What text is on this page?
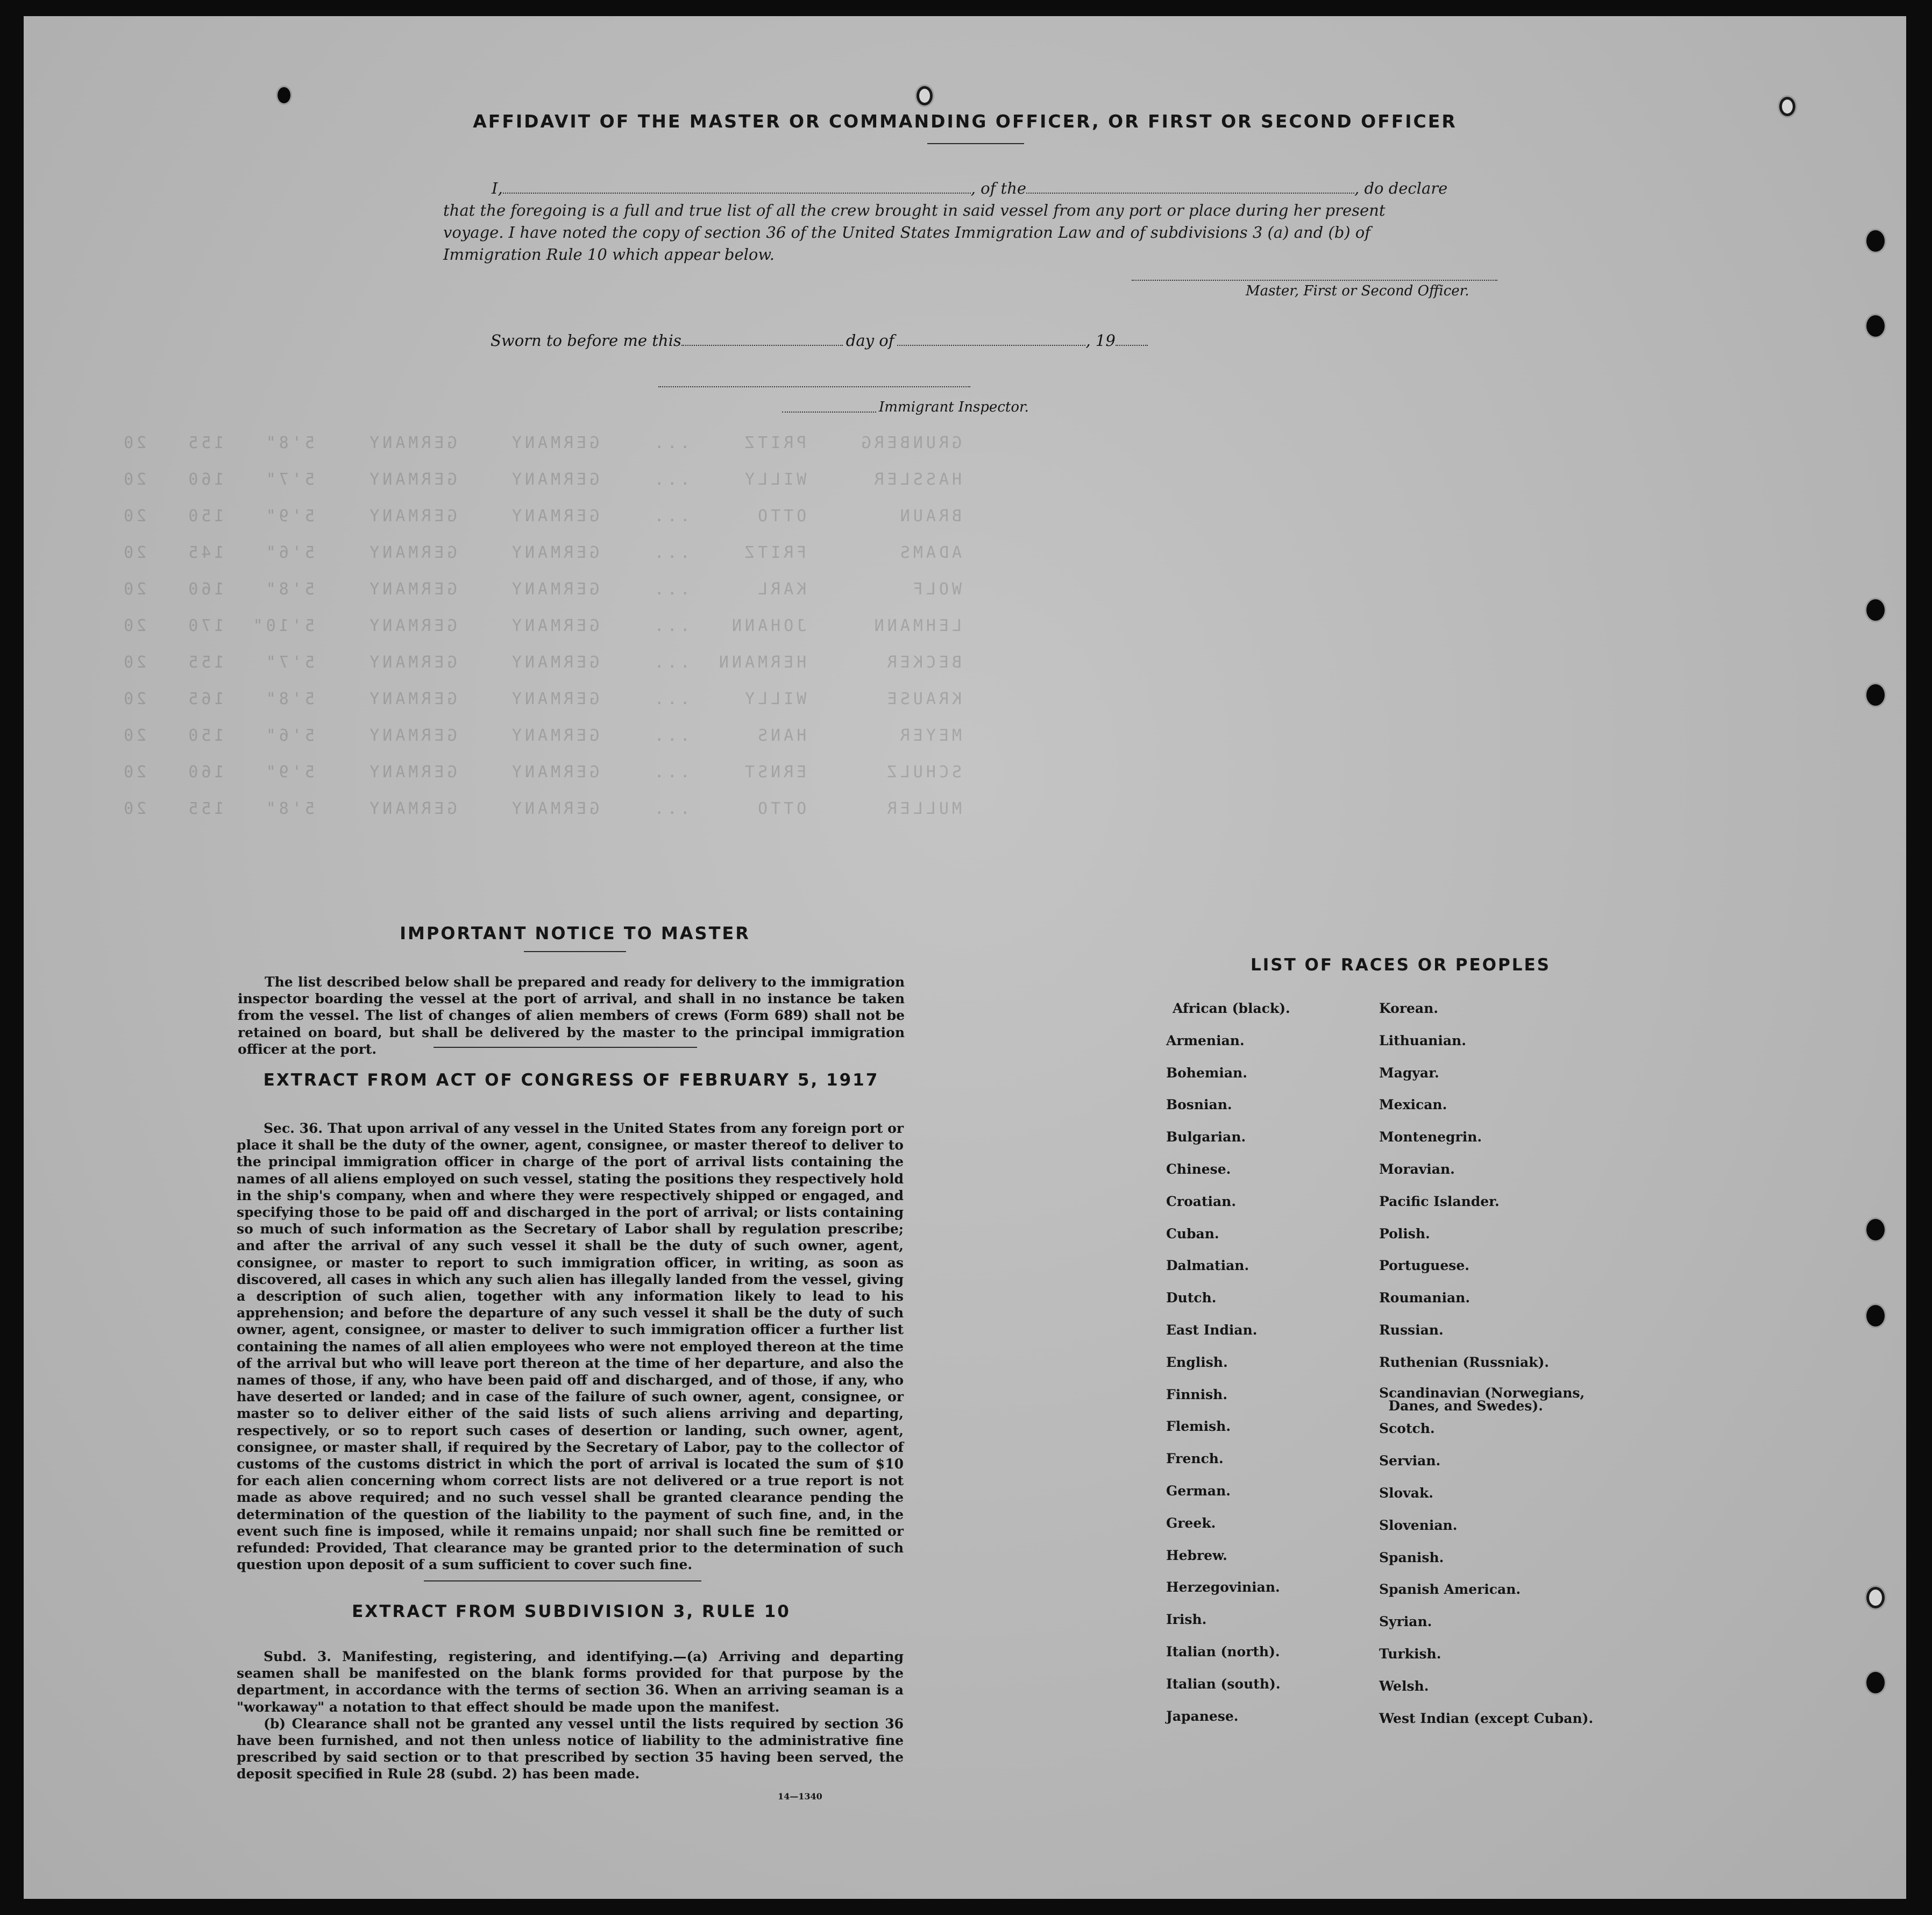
GRUNBERG    PRITZ    ...    GERMANY    GERMANY    5'8"   155   20
HASSLER     WILLY    ...    GERMANY    GERMANY    5'7"   160   20
BRAUN       OTTO     ...    GERMANY    GERMANY    5'9"   150   20
ADAMS       FRITZ    ...    GERMANY    GERMANY    5'6"   145   20
WOLF        KARL     ...    GERMANY    GERMANY    5'8"   160   20
LEHMANN     JOHANN   ...    GERMANY    GERMANY    5'10"  170   20
BECKER      HERMANN  ...    GERMANY    GERMANY    5'7"   155   20
KRAUSE      WILLY    ...    GERMANY    GERMANY    5'8"   165   20
MEYER       HANS     ...    GERMANY    GERMANY    5'6"   150   20
SCHULZ      ERNST    ...    GERMANY    GERMANY    5'9"   160   20
MULLER      OTTO     ...    GERMANY    GERMANY    5'8"   155   20
AFFIDAVIT OF THE MASTER OR COMMANDING OFFICER, OR FIRST OR SECOND OFFICER
I,	, of the	, do declare
that the foregoing is a full and true list of all the crew brought in said vessel from any port or place during her present
voyage. I have noted the copy of section 36 of the United States Immigration Law and of subdivisions 3 (a) and (b) of
Immigration Rule 10 which appear below.
Master, First or Second Officer.
Sworn to before me this	day of	, 19
Immigrant Inspector.
IMPORTANT NOTICE TO MASTER

The list described below shall be prepared and ready for delivery to the immigration inspector boarding the vessel at the port of arrival, and shall in no instance be taken from the vessel. The list of changes of alien members of crews (Form 689) shall not be retained on board, but shall be delivered by the master to the principal immigration officer at the port.

EXTRACT FROM ACT OF CONGRESS OF FEBRUARY 5, 1917

Sec. 36. That upon arrival of any vessel in the United States from any foreign port or place it shall be the duty of the owner, agent, consignee, or master thereof to deliver to the principal immigration officer in charge of the port of arrival lists containing the names of all aliens employed on such vessel, stating the positions they respectively hold in the ship's company, when and where they were respectively shipped or engaged, and specifying those to be paid off and discharged in the port of arrival; or lists containing so much of such information as the Secretary of Labor shall by regulation prescribe; and after the arrival of any such vessel it shall be the duty of such owner, agent, consignee, or master to report to such immigration officer, in writing, as soon as discovered, all cases in which any such alien has illegally landed from the vessel, giving a description of such alien, together with any information likely to lead to his apprehension; and before the departure of any such vessel it shall be the duty of such owner, agent, consignee, or master to deliver to such immigration officer a further list containing the names of all alien employees who were not employed thereon at the time of the arrival but who will leave port thereon at the time of her departure, and also the names of those, if any, who have been paid off and discharged, and of those, if any, who have deserted or landed; and in case of the failure of such owner, agent, consignee, or master so to deliver either of the said lists of such aliens arriving and departing, respectively, or so to report such cases of desertion or landing, such owner, agent, consignee, or master shall, if required by the Secretary of Labor, pay to the collector of customs of the customs district in which the port of arrival is located the sum of $10 for each alien concerning whom correct lists are not delivered or a true report is not made as above required; and no such vessel shall be granted clearance pending the determination of the question of the liability to the payment of such fine, and, in the event such fine is imposed, while it remains unpaid; nor shall such fine be remitted or refunded: Provided, That clearance may be granted prior to the determination of such question upon deposit of a sum sufficient to cover such fine.

EXTRACT FROM SUBDIVISION 3, RULE 10

Subd. 3. Manifesting, registering, and identifying.—(a) Arriving and departing seamen shall be manifested on the blank forms provided for that purpose by the department, in accordance with the terms of section 36. When an arriving seaman is a "workaway" a notation to that effect should be made upon the manifest.

(b) Clearance shall not be granted any vessel until the lists required by section 36 have been furnished, and not then unless notice of liability to the administrative fine prescribed by said section or to that prescribed by section 35 having been served, the deposit specified in Rule 28 (subd. 2) has been made.

14—1340
LIST OF RACES OR PEOPLES
African (black).
Armenian.
Bohemian.
Bosnian.
Bulgarian.
Chinese.
Croatian.
Cuban.
Dalmatian.
Dutch.
East Indian.
English.
Finnish.
Flemish.
French.
German.
Greek.
Hebrew.
Herzegovinian.
Irish.
Italian (north).
Italian (south).
Japanese.
Korean.
Lithuanian.
Magyar.
Mexican.
Montenegrin.
Moravian.
Pacific Islander.
Polish.
Portuguese.
Roumanian.
Russian.
Ruthenian (Russniak).
Scandinavian (Norwegians,
Danes, and Swedes).
Scotch.
Servian.
Slovak.
Slovenian.
Spanish.
Spanish American.
Syrian.
Turkish.
Welsh.
West Indian (except Cuban).
